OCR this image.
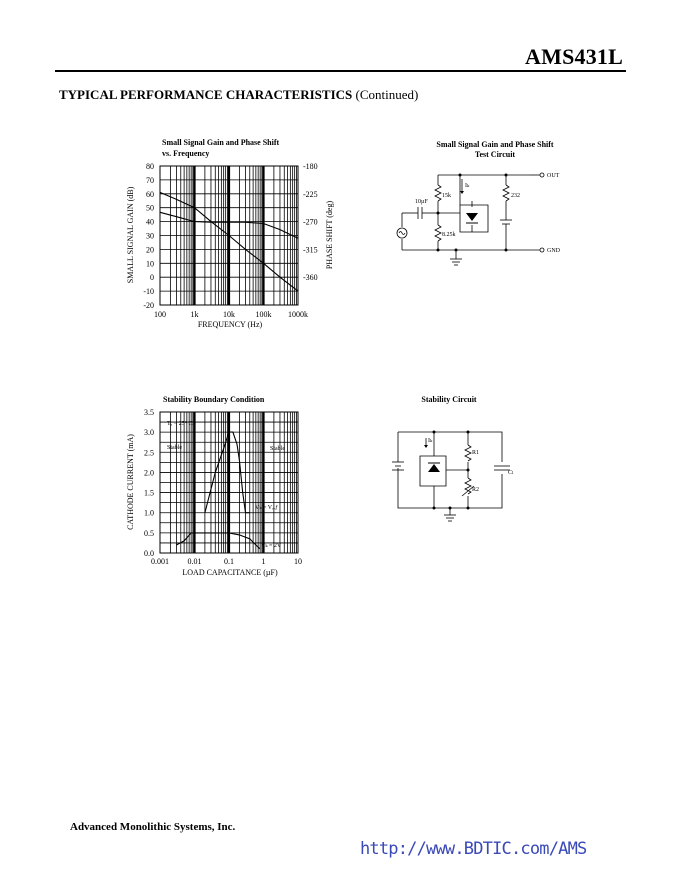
AMS431L
TYPICAL PERFORMANCE CHARACTERISTICS (Continued)
Small Signal Gain and Phase Shift
vs. Frequency
80
70
60
50
40
30
20
10
0
-10
-20
-180
-225
-270
-315
-360
100	1k	10k	100k 1000k
SMALL SIGNAL GAIN (dB)	PHASE SHIFT (deg)
FREQUENCY (Hz)
Small Signal Gain and Phase Shift
Test Circuit
OUT
GND
10µF
15k
8.25k
232
Iₖ
Stability Boundary Condition
3.5
3.0
2.5
2.0
1.5
1.0
0.5
0.0
0.001 0.01	0.1	1	10
Tₐ = 25° C
Stable	Stable
Vₖ = Vᵣₑƒ
Vₖ = 2V
CATHODE CURRENT (mA)
LOAD CAPACITANCE (µF)
Stability Circuit
R1
R2
Cₗ
Iₖ
Advanced Monolithic Systems, Inc.
http://www.BDTIC.com/AMS
